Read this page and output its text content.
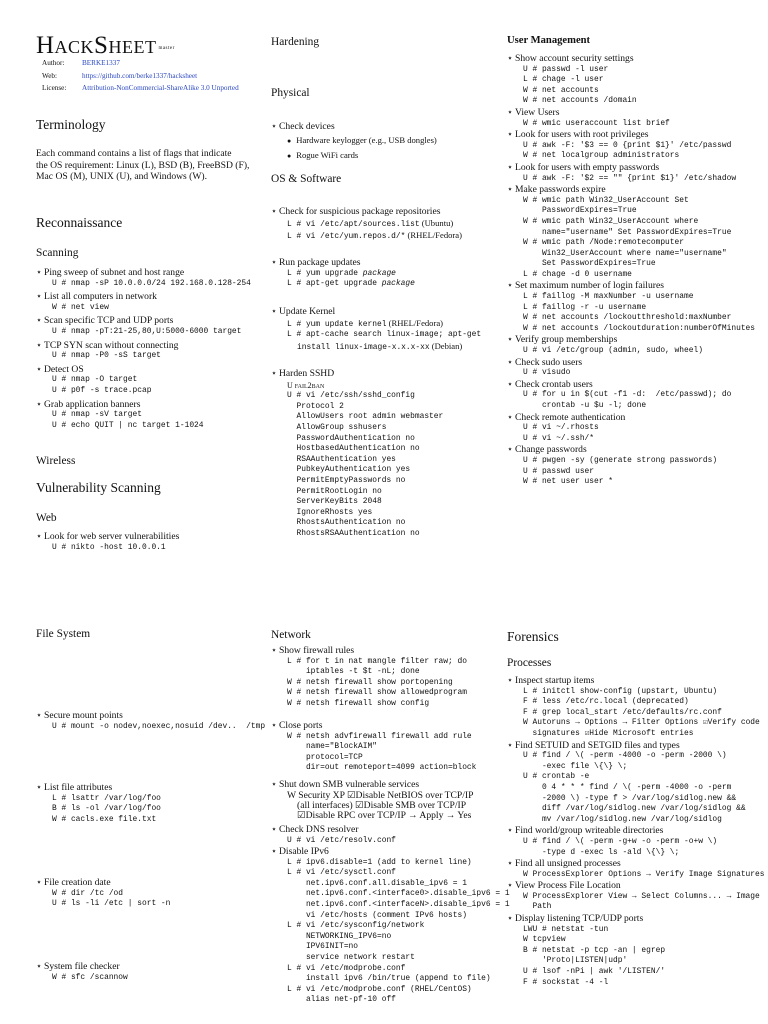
HackSheet $^{master}$
Author: BERKE1337
Web:	https://github.com/berke1337/hacksheet
License: Attribution-NonCommercial-ShareAlike 3.0 Unported
Terminology
Each command contains a list of flags that indicate
the OS requirement: Linux (L), BSD (B), FreeBSD (F),
Mac OS (M), UNIX (U), and Windows (W).
Reconnaissance
Scanning
⋆ Ping sweep of subnet and host range
U # nmap -sP 10.0.0.0/24 192.168.0.128-254
⋆ List all computers in network
W # net view
⋆ Scan specific TCP and UDP ports
U # nmap -pT:21-25,80,U:5000-6000 target
⋆ TCP SYN scan without connecting
U # nmap -P0 -sS target
⋆ Detect OS
U # nmap -O target
U # p0f -s trace.pcap
⋆ Grab application banners
U # nmap -sV target
U # echo QUIT | nc target 1-1024
Wireless
Vulnerability Scanning
Web
⋆ Look for web server vulnerabilities
U # nikto -host 10.0.0.1
File System
⋆ Secure mount points
U # mount -o nodev,noexec,nosuid /dev..  /tmp
⋆ List file attributes
L # lsattr /var/log/foo
B # ls -ol /var/log/foo
W # cacls.exe file.txt
⋆ File creation date
W # dir /tc /od
U # ls -li /etc | sort -n
⋆ System file checker
W # sfc /scannow
Hardening
Physical
⋆ Check devices
● Hardware keylogger (e.g., USB dongles)
● Rogue WiFi cards
OS & Software
⋆ Check for suspicious package repositories
L # vi /etc/apt/sources.list (Ubuntu)
L # vi /etc/yum.repos.d/* (RHEL/Fedora)
⋆ Run package updates
L # yum upgrade package
L # apt-get upgrade package
⋆ Update Kernel
L # yum update kernel (RHEL/Fedora)
L # apt-cache search linux-image; apt-get
install linux-image-x.x.x-xx (Debian)
⋆ Harden SSHD
U fail2ban
U # vi /etc/ssh/sshd_config
Protocol 2
AllowUsers root admin webmaster
AllowGroup sshusers
PasswordAuthentication no
HostbasedAuthentication no
RSAAuthentication yes
PubkeyAuthentication yes
PermitEmptyPasswords no
PermitRootLogin no
ServerKeyBits 2048
IgnoreRhosts yes
RhostsAuthentication no
RhostsRSAAuthentication no
Network
⋆ Show firewall rules
L # for t in nat mangle filter raw; do
iptables -t $t -nL; done
W # netsh firewall show portopening
W # netsh firewall show allowedprogram
W # netsh firewall show config
⋆ Close ports
W # netsh advfirewall firewall add rule
name="BlockAIM"
protocol=TCP
dir=out remoteport=4099 action=block
⋆ Shut down SMB vulnerable services
W Security XP ☑Disable NetBIOS over TCP/IP
(all interfaces) ☑Disable SMB over TCP/IP
☑Disable RPC over TCP/IP → Apply → Yes
⋆ Check DNS resolver
U # vi /etc/resolv.conf
⋆ Disable IPv6
L # ipv6.disable=1 (add to kernel line)
L # vi /etc/sysctl.conf
net.ipv6.conf.all.disable_ipv6 = 1
net.ipv6.conf.<interface0>.disable_ipv6 = 1
net.ipv6.conf.<interfaceN>.disable_ipv6 = 1
vi /etc/hosts (comment IPv6 hosts)
L # vi /etc/sysconfig/network
NETWORKING_IPV6=no
IPV6INIT=no
service network restart
L # vi /etc/modprobe.conf
install ipv6 /bin/true (append to file)
L # vi /etc/modprobe.conf (RHEL/CentOS)
alias net-pf-10 off
User Management
⋆ Show account security settings
U # passwd -l user
L # chage -l user
W # net accounts
W # net accounts /domain
⋆ View Users
W # wmic useraccount list brief
⋆ Look for users with root privileges
U # awk -F: '$3 == 0 {print $1}' /etc/passwd
W # net localgroup administrators
⋆ Look for users with empty passwords
U # awk -F: '$2 == "" {print $1}' /etc/shadow
⋆ Make passwords expire
W # wmic path Win32_UserAccount Set
PasswordExpires=True
W # wmic path Win32_UserAccount where
name="username" Set PasswordExpires=True
W # wmic path /Node:remotecomputer
Win32_UserAccount where name="username"
Set PasswordExpires=True
L # chage -d 0 username
⋆ Set maximum number of login failures
L # faillog -M maxNumber -u username
L # faillog -r -u username
W # net accounts /lockoutthreshold:maxNumber
W # net accounts /lockoutduration:numberOfMinutes
⋆ Verify group memberships
U # vi /etc/group (admin, sudo, wheel)
⋆ Check sudo users
U # visudo
⋆ Check crontab users
U # for u in $(cut -f1 -d:  /etc/passwd); do
crontab -u $u -l; done
⋆ Check remote authentication
U # vi ~/.rhosts
U # vi ~/.ssh/*
⋆ Change passwords
U # pwgen -sy (generate strong passwords)
U # passwd user
W # net user user *
Forensics
Processes
⋆ Inspect startup items
L # initctl show-config (upstart, Ubuntu)
F # less /etc/rc.local (deprecated)
F # grep local_start /etc/defaults/rc.conf
W Autoruns → Options → Filter Options ☑Verify code
signatures ☑Hide Microsoft entries
⋆ Find SETUID and SETGID files and types
U # find / \( -perm -4000 -o -perm -2000 \)
-exec file \{\} \;
U # crontab -e
0 4 * * * find / \( -perm -4000 -o -perm
-2000 \) -type f > /var/log/sidlog.new &&
diff /var/log/sidlog.new /var/log/sidlog &&
mv /var/log/sidlog.new /var/log/sidlog
⋆ Find world/group writeable directories
U # find / \( -perm -g+w -o -perm -o+w \)
-type d -exec ls -ald \{\} \;
⋆ Find all unsigned processes
W ProcessExplorer Options → Verify Image Signatures
⋆ View Process File Location
W ProcessExplorer View → Select Columns... → Image
Path
⋆ Display listening TCP/UDP ports
LWU # netstat -tun
W tcpview
B # netstat -p tcp -an | egrep
'Proto|LISTEN|udp'
U # lsof -nPi | awk '/LISTEN/'
F # sockstat -4 -l
